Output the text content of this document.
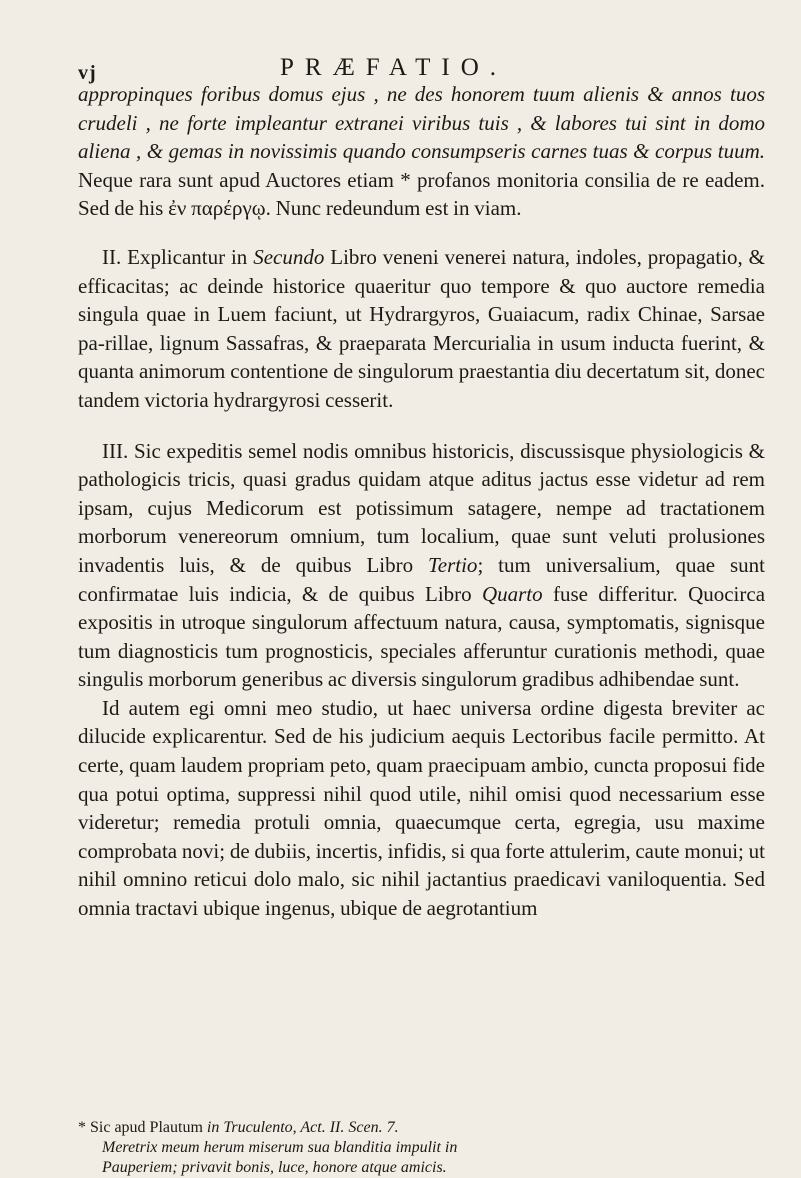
vj	PRÆFATIO.

appropinques foribus domus ejus , ne des honorem tuum alienis & annos tuos crudeli , ne forte impleantur extranei viribus tuis , & labores tui sint in domo aliena , & gemas in novissimis quando consumpseris carnes tuas & corpus tuum. Neque rara sunt apud Auctores etiam * profanos monitoria consilia de re eadem. Sed de his ἐν παρέργῳ. Nunc redeundum est in viam.

II. Explicantur in Secundo Libro veneni venerei natura, indoles, propagatio, & efficacitas; ac deinde historice quaeritur quo tempore & quo auctore remedia singula quae in Luem faciunt, ut Hydrargyros, Guaiacum, radix Chinae, Sarsae pa-rillae, lignum Sassafras, & praeparata Mercurialia in usum inducta fuerint, & quanta animorum contentione de singulorum praestantia diu decertatum sit, donec tandem victoria hydrargyrosi cesserit.

III. Sic expeditis semel nodis omnibus historicis, discussisque physiologicis & pathologicis tricis, quasi gradus quidam atque aditus jactus esse videtur ad rem ipsam, cujus Medicorum est potissimum satagere, nempe ad tractationem morborum venereorum omnium, tum localium, quae sunt veluti prolusiones invadentis luis, & de quibus Libro Tertio; tum universalium, quae sunt confirmatae luis indicia, & de quibus Libro Quarto fuse differitur. Quocirca expositis in utroque singulorum affectuum natura, causa, symptomatis, signisque tum diagnosticis tum prognosticis, speciales afferuntur curationis methodi, quae singulis morborum generibus ac diversis singulorum gradibus adhibendae sunt.

Id autem egi omni meo studio, ut haec universa ordine digesta breviter ac dilucide explicarentur. Sed de his judicium aequis Lectoribus facile permitto. At certe, quam laudem propriam peto, quam praecipuam ambio, cuncta proposui fide qua potui optima, suppressi nihil quod utile, nihil omisi quod necessarium esse videretur; remedia protuli omnia, quaecumque certa, egregia, usu maxime comprobata novi; de dubiis, incertis, infidis, si qua forte attulerim, caute monui; ut nihil omnino reticui dolo malo, sic nihil jactantius praedicavi vaniloquentia. Sed omnia tractavi ubique ingenus, ubique de aegrotantium

* Sic apud Plautum in Truculento, Act. II. Scen. 7.
Meretrix meum herum miserum sua blanditia impulit in
Pauperiem; privavit bonis, luce, honore atque amicis.
